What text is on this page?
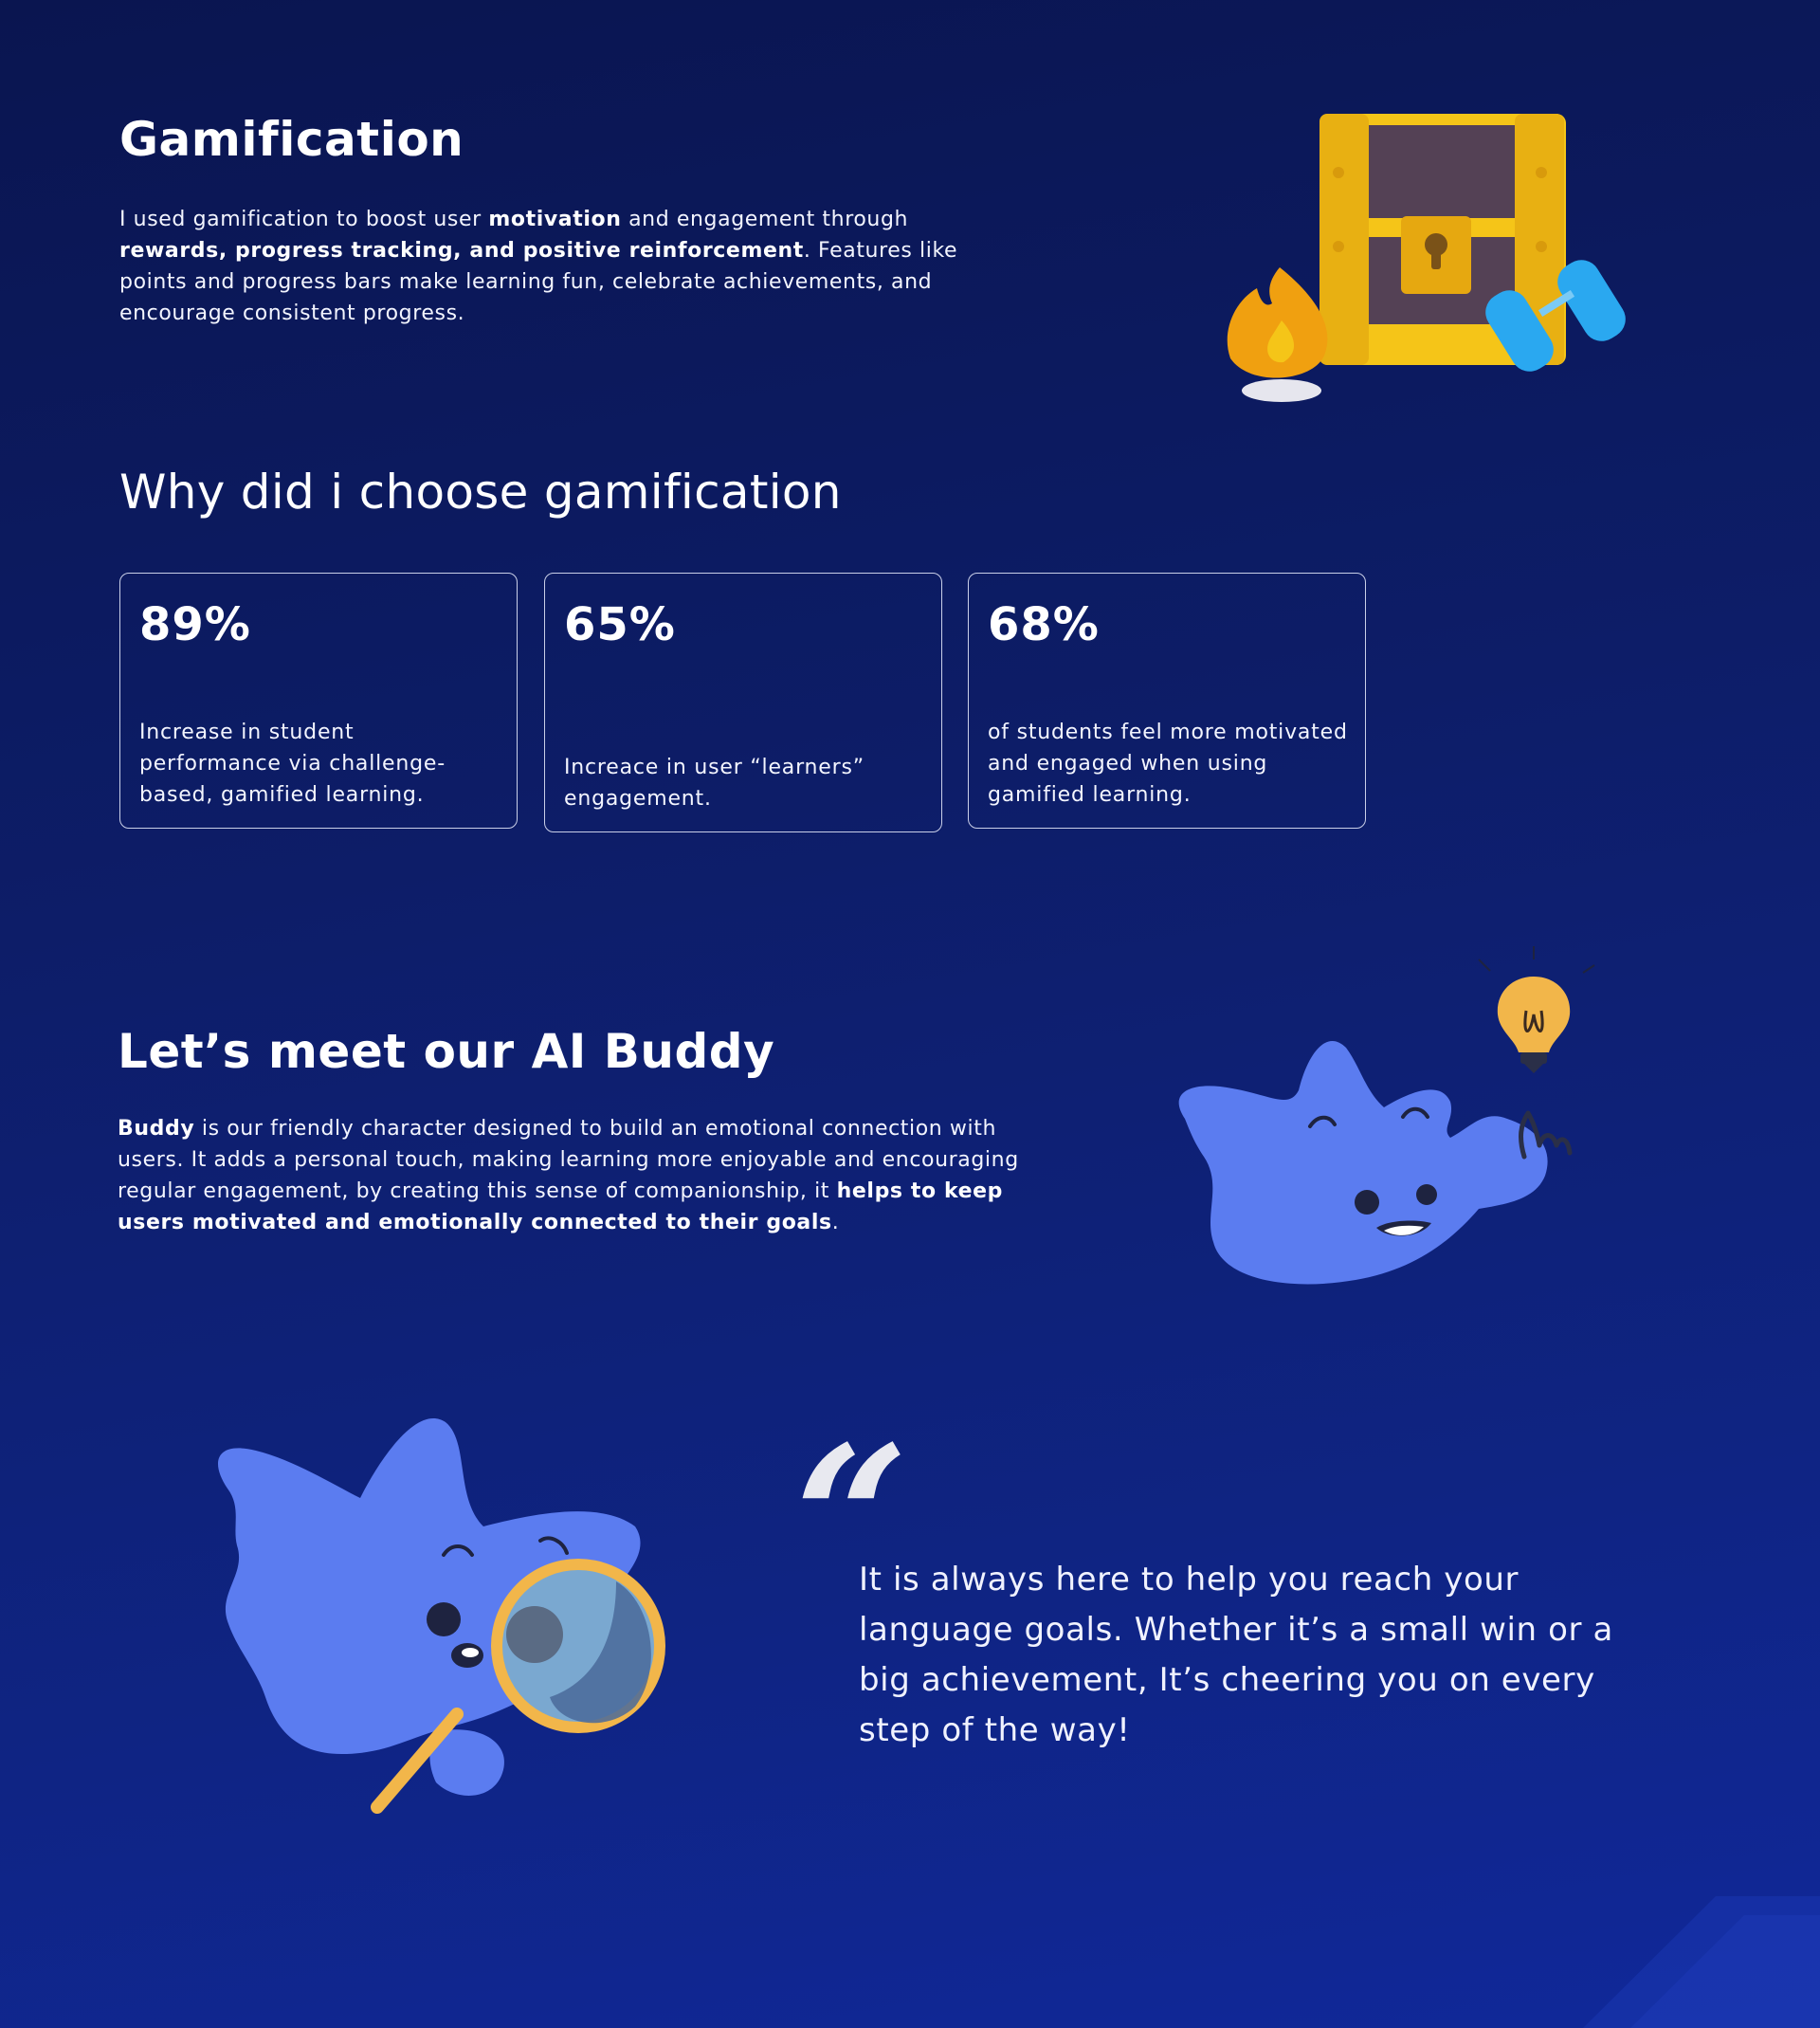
Gamification

I used gamification to boost user motivation and engagement through rewards, progress tracking, and positive reinforcement. Features like points and progress bars make learning fun, celebrate achievements, and encourage consistent progress.

Why did i choose gamification
89%
Increase in student performance via challenge-based, gamified learning.
65%
Increace in user “learners” engagement.
68%
of students feel more motivated and engaged when using gamified learning.
Let’s meet our AI Buddy

Buddy is our friendly character designed to build an emotional connection with users. It adds a personal touch, making learning more enjoyable and encouraging regular engagement, by creating this sense of companionship, it helps to keep users motivated and emotionally connected to their goals.

“

It is always here to help you reach your language goals. Whether it’s a small win or a big achievement, It’s cheering you on every step of the way!
